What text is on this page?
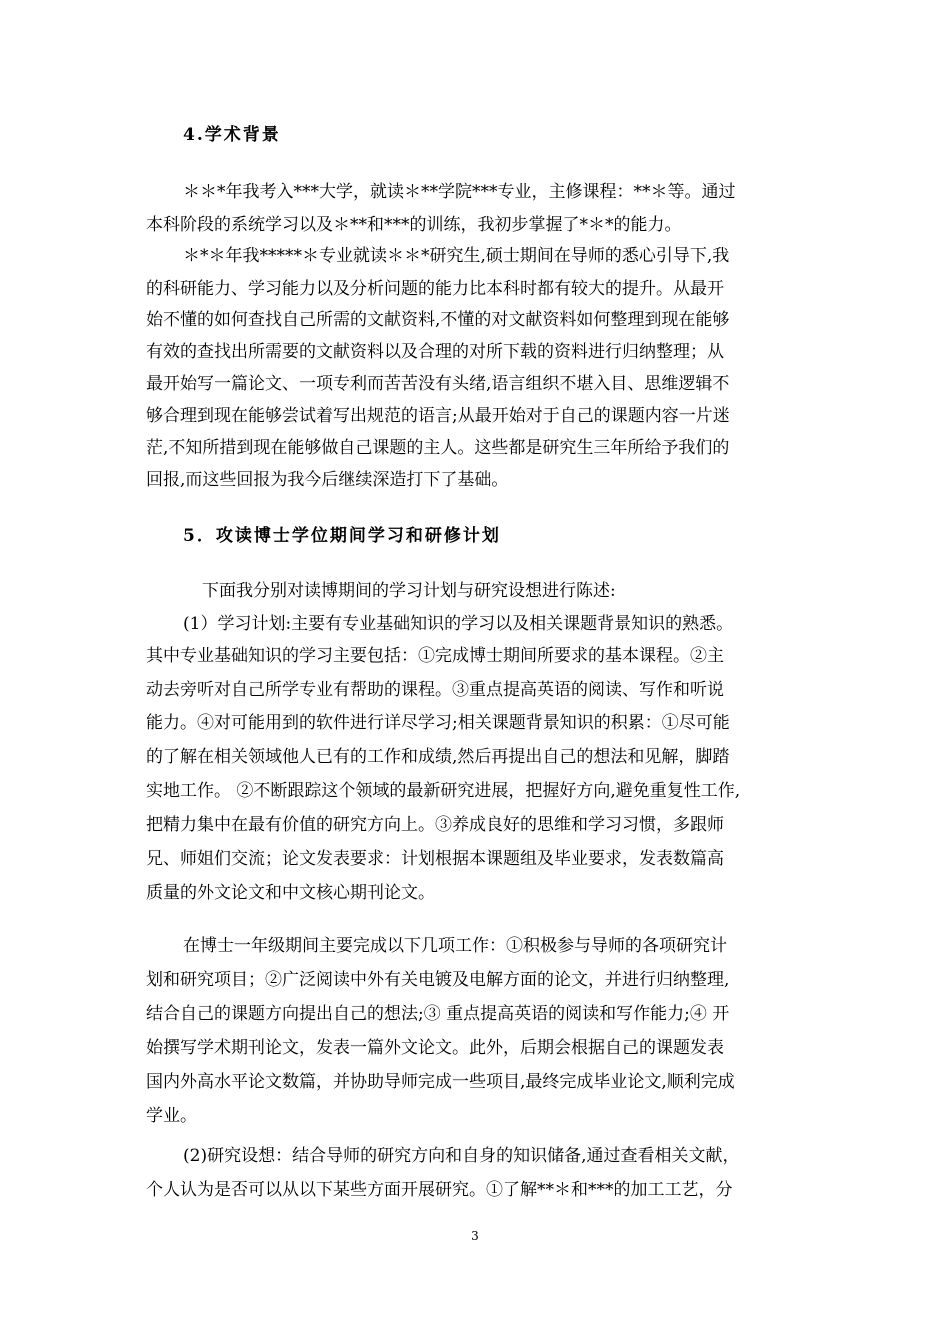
4.学术背景
＊＊*年我考入***大学，就读＊**学院***专业，主修课程：**＊等。通过
本科阶段的系统学习以及＊**和***的训练，我初步掌握了*＊*的能力。
＊*＊年我*****＊专业就读＊＊*研究生,硕士期间在导师的悉心引导下,我
的科研能力、学习能力以及分析问题的能力比本科时都有较大的提升。从最开
始不懂的如何查找自己所需的文献资料,不懂的对文献资料如何整理到现在能够
有效的查找出所需要的文献资料以及合理的对所下载的资料进行归纳整理；从
最开始写一篇论文、一项专利而苦苦没有头绪,语言组织不堪入目、思维逻辑不
够合理到现在能够尝试着写出规范的语言;从最开始对于自己的课题内容一片迷
茫,不知所措到现在能够做自己课题的主人。这些都是研究生三年所给予我们的
回报,而这些回报为我今后继续深造打下了基础。
5．攻读博士学位期间学习和研修计划
下面我分别对读博期间的学习计划与研究设想进行陈述:
(1）学习计划:主要有专业基础知识的学习以及相关课题背景知识的熟悉。
其中专业基础知识的学习主要包括：①完成博士期间所要求的基本课程。②主
动去旁听对自己所学专业有帮助的课程。③重点提高英语的阅读、写作和听说
能力。④对可能用到的软件进行详尽学习;相关课题背景知识的积累：①尽可能
的了解在相关领域他人已有的工作和成绩,然后再提出自己的想法和见解，脚踏
实地工作。 ②不断跟踪这个领域的最新研究进展，把握好方向,避免重复性工作,
把精力集中在最有价值的研究方向上。③养成良好的思维和学习习惯，多跟师
兄、师姐们交流；论文发表要求：计划根据本课题组及毕业要求，发表数篇高
质量的外文论文和中文核心期刊论文。
在博士一年级期间主要完成以下几项工作：①积极参与导师的各项研究计
划和研究项目；②广泛阅读中外有关电镀及电解方面的论文，并进行归纳整理,
结合自己的课题方向提出自己的想法;③ 重点提高英语的阅读和写作能力;④ 开
始撰写学术期刊论文，发表一篇外文论文。此外，后期会根据自己的课题发表
国内外高水平论文数篇，并协助导师完成一些项目,最终完成毕业论文,顺利完成
学业。
(2)研究设想：结合导师的研究方向和自身的知识储备,通过查看相关文献，
个人认为是否可以从以下某些方面开展研究。①了解**＊和***的加工工艺，分
3
